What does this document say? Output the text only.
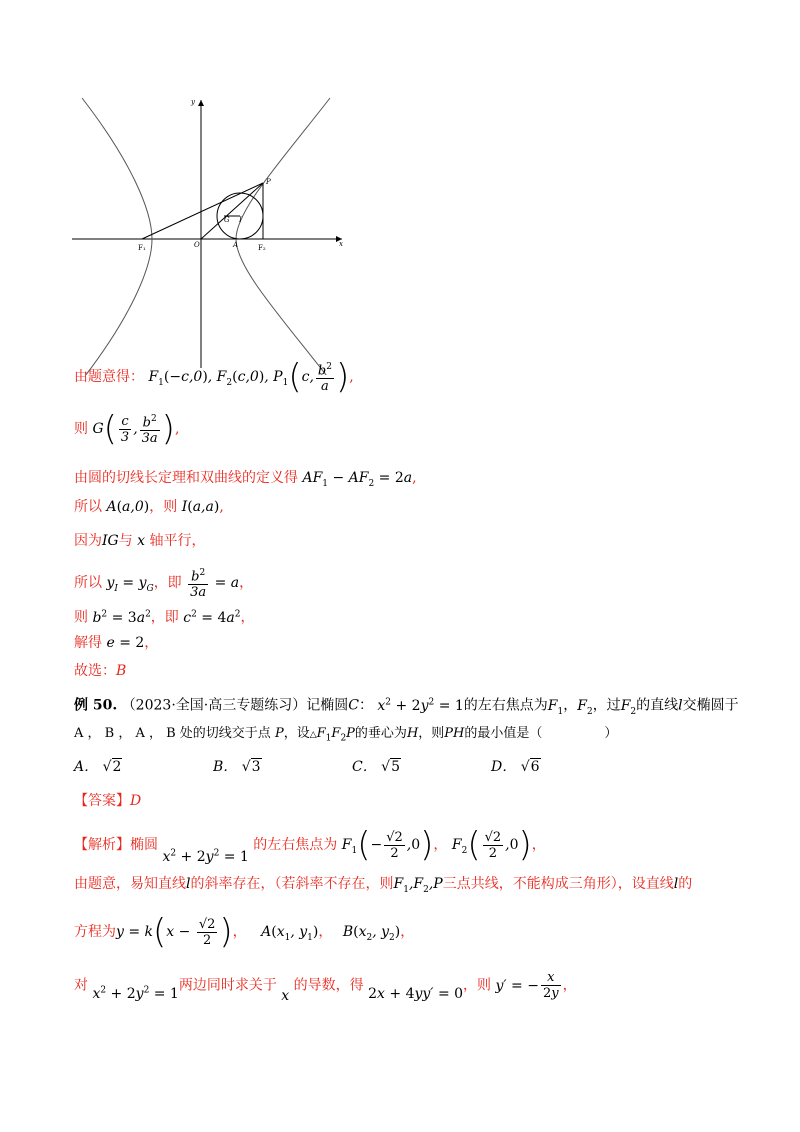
y
x
P
F₁	O	A	F₂
G I
由题意得： $F_1(-c,0)$, $F_2(c,0)$, $P_1(c$, $\frac{b^2}{a}$ ),
则 $G( \frac{c}{3}$ , $\frac{b^2}{3a}$ ),
由圆的切线长定理和双曲线的定义得 $AF_1 - AF_2 = 2a$,
所以 A(a,0)，则 I(a,a),
因为IG与 x 轴平行，
所以 $y_I = y_G$，即 $\frac{b^2}{3a} = a$，
则 $b^2 = 3a^2$，即 $c^2 = 4a^2$，
解得 e = 2，
故选：B
例 50. （2023·全国·高三专题练习）记椭圆C： $x^2 + 2y^2 = 1$的左右焦点为$F_1$，$F_2$，过$F_2$的直线l交椭圆于
A ， B ， A ， B 处的切线交于点 P，设$\triangle F_1F_2P$的垂心为H，则PH的最小值是（	）
A． √2	B． √3	C． √5	D． √6
【答案】D
【解析】椭圆 $x^2 + 2y^2 = 1$ 的左右焦点为 $F_1(- \frac{√2}{2} ,0)$， $F_2( \frac{√2}{2} ,0)$，
由题意，易知直线l的斜率存在，（若斜率不存在，则$F_1,F_2,P$三点共线，不能构成三角形），设直线l的
方程为$y = k(x - \frac{√2}{2}$ )， $A(x_1$, $y_1$)， $B(x_2$, $y_2$)，
对 $x^2 + 2y^2 = 1$两边同时求关于 x 的导数，得 2x + 4yy′ = 0，则 y′ = − $\frac{x}{2y}$ ，
